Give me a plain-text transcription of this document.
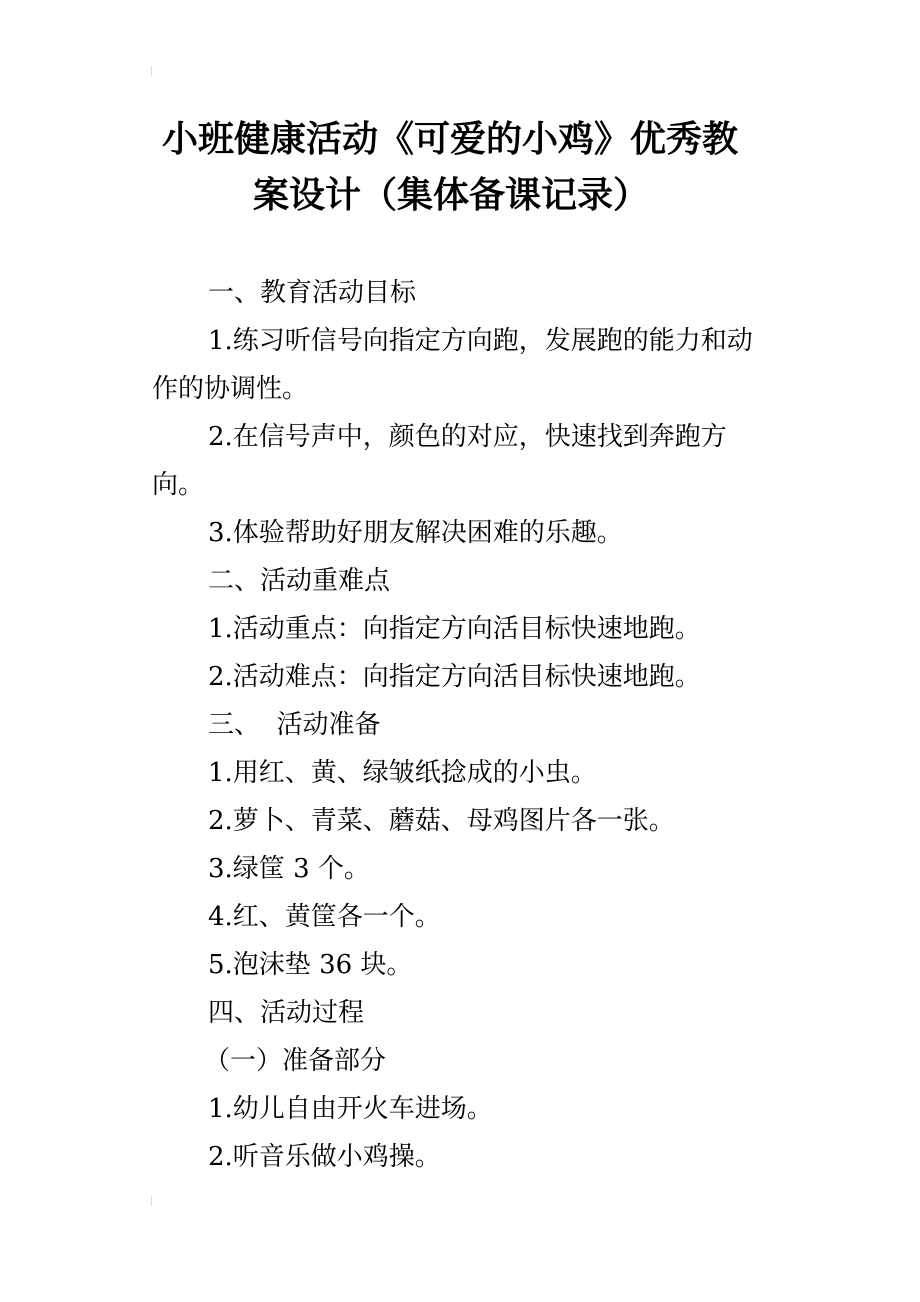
小班健康活动《可爱的小鸡》优秀教
案设计（集体备课记录）

一、教育活动目标

1.练习听信号向指定方向跑，发展跑的能力和动作的协调性。

2.在信号声中，颜色的对应，快速找到奔跑方向。

3.体验帮助好朋友解决困难的乐趣。

二、活动重难点

1.活动重点：向指定方向活目标快速地跑。

2.活动难点：向指定方向活目标快速地跑。

三、  活动准备

1.用红、黄、绿皱纸捻成的小虫。

2.萝卜、青菜、蘑菇、母鸡图片各一张。

3.绿筐 3 个。

4.红、黄筐各一个。

5.泡沫垫 36 块。

四、活动过程

（一）准备部分

1.幼儿自由开火车进场。

2.听音乐做小鸡操。
